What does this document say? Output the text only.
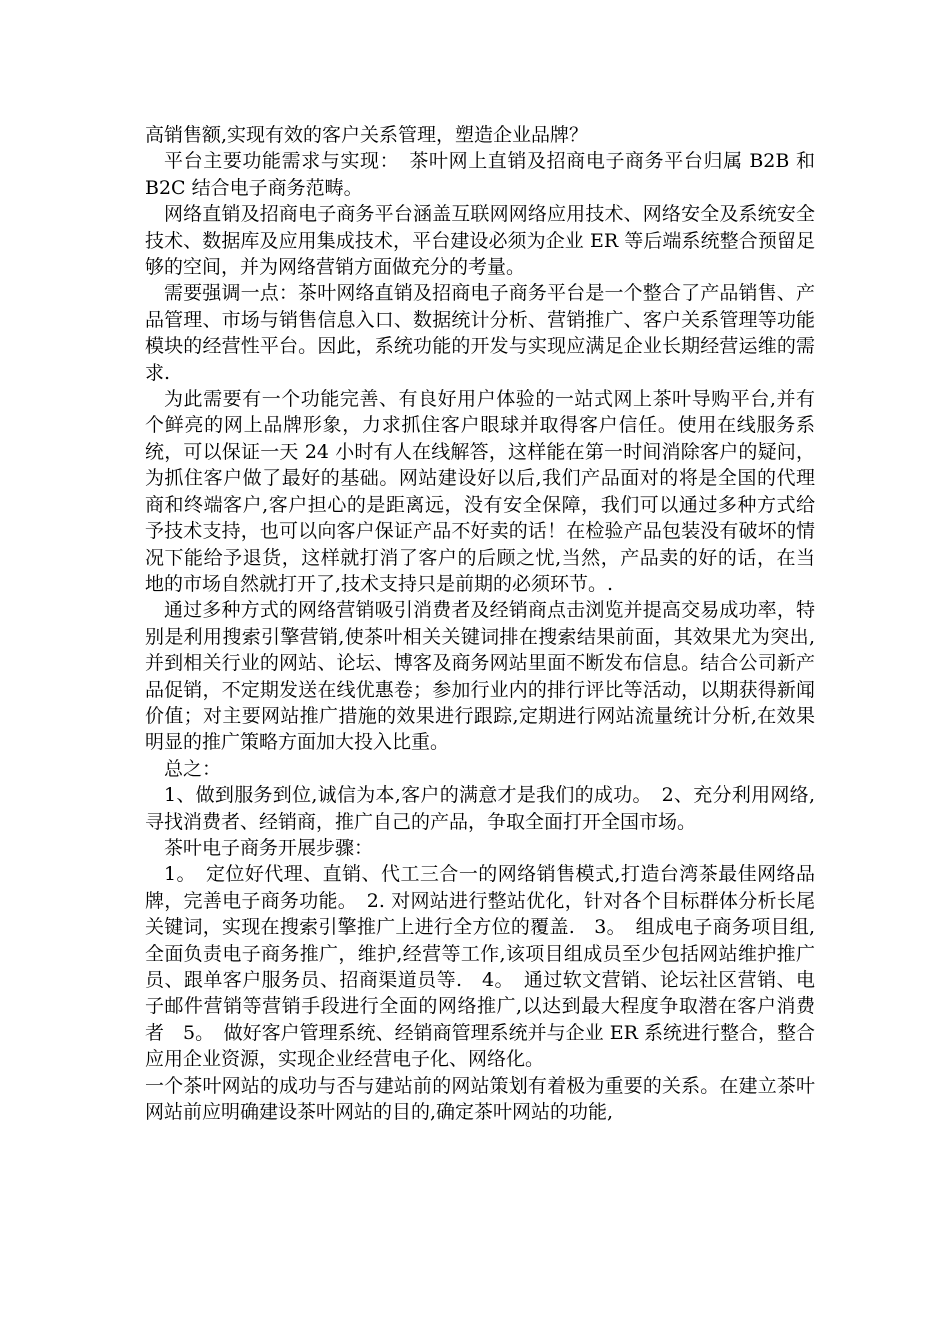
高销售额,实现有效的客户关系管理，塑造企业品牌？

平台主要功能需求与实现：　茶叶网上直销及招商电子商务平台归属 B2B 和 B2C 结合电子商务范畴。

网络直销及招商电子商务平台涵盖互联网网络应用技术、网络安全及系统安全技术、数据库及应用集成技术，平台建设必须为企业 ER 等后端系统整合预留足够的空间，并为网络营销方面做充分的考量。

需要强调一点：茶叶网络直销及招商电子商务平台是一个整合了产品销售、产品管理、市场与销售信息入口、数据统计分析、营销推广、客户关系管理等功能模块的经营性平台。因此，系统功能的开发与实现应满足企业长期经营运维的需求.

为此需要有一个功能完善、有良好用户体验的一站式网上茶叶导购平台,并有个鲜亮的网上品牌形象，力求抓住客户眼球并取得客户信任。使用在线服务系统，可以保证一天 24 小时有人在线解答，这样能在第一时间消除客户的疑问，为抓住客户做了最好的基础。网站建设好以后,我们产品面对的将是全国的代理商和终端客户,客户担心的是距离远，没有安全保障，我们可以通过多种方式给予技术支持，也可以向客户保证产品不好卖的话！在检验产品包装没有破坏的情况下能给予退货，这样就打消了客户的后顾之忧,当然，产品卖的好的话，在当地的市场自然就打开了,技术支持只是前期的必须环节。.

通过多种方式的网络营销吸引消费者及经销商点击浏览并提高交易成功率，特别是利用搜索引擎营销,使茶叶相关关键词排在搜索结果前面，其效果尤为突出,并到相关行业的网站、论坛、博客及商务网站里面不断发布信息。结合公司新产品促销，不定期发送在线优惠卷；参加行业内的排行评比等活动，以期获得新闻价值；对主要网站推广措施的效果进行跟踪,定期进行网站流量统计分析,在效果明显的推广策略方面加大投入比重。

总之：

1、做到服务到位,诚信为本,客户的满意才是我们的成功。　2、充分利用网络,寻找消费者、经销商，推广自己的产品，争取全面打开全国市场。

茶叶电子商务开展步骤：

1。　定位好代理、直销、代工三合一的网络销售模式,打造台湾茶最佳网络品牌，完善电子商务功能。　2. 对网站进行整站优化，针对各个目标群体分析长尾关键词，实现在搜索引擎推广上进行全方位的覆盖.　3。　组成电子商务项目组,全面负责电子商务推广，维护,经营等工作,该项目组成员至少包括网站维护推广员、跟单客户服务员、招商渠道员等.　4。　通过软文营销、论坛社区营销、电子邮件营销等营销手段进行全面的网络推广,以达到最大程度争取潜在客户消费者　5。　做好客户管理系统、经销商管理系统并与企业 ER 系统进行整合，整合应用企业资源，实现企业经营电子化、网络化。

一个茶叶网站的成功与否与建站前的网站策划有着极为重要的关系。在建立茶叶网站前应明确建设茶叶网站的目的,确定茶叶网站的功能,
